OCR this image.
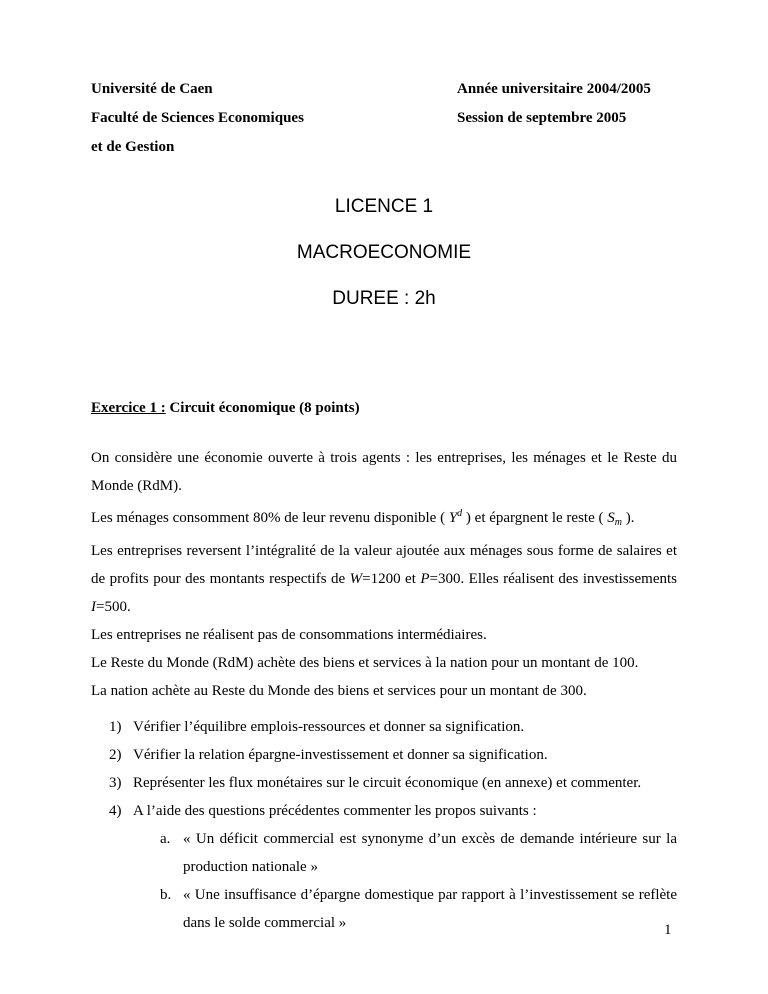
Université de Caen
Faculté de Sciences Economiques
et de Gestion
Année universitaire 2004/2005
Session de septembre 2005
LICENCE 1
MACROECONOMIE
DUREE : 2h
Exercice 1 : Circuit économique (8 points)

On considère une économie ouverte à trois agents : les entreprises, les ménages et le Reste du Monde (RdM).

Les ménages consomment 80% de leur revenu disponible ( $Y^d$ ) et épargnent le reste ( $S_m$ ).

Les entreprises reversent l’intégralité de la valeur ajoutée aux ménages sous forme de salaires et de profits pour des montants respectifs de W=1200 et P=300. Elles réalisent des investissements I=500.

Les entreprises ne réalisent pas de consommations intermédiaires.

Le Reste du Monde (RdM) achète des biens et services à la nation pour un montant de 100.

La nation achète au Reste du Monde des biens et services pour un montant de 300.

1) Vérifier l’équilibre emplois-ressources et donner sa signification.
2) Vérifier la relation épargne-investissement et donner sa signification.
3) Représenter les flux monétaires sur le circuit économique (en annexe) et commenter.
4) A l’aide des questions précédentes commenter les propos suivants :
a. « Un déficit commercial est synonyme d’un excès de demande intérieure sur la production nationale »
b. « Une insuffisance d’épargne domestique par rapport à l’investissement se reflète dans le solde commercial »	1
